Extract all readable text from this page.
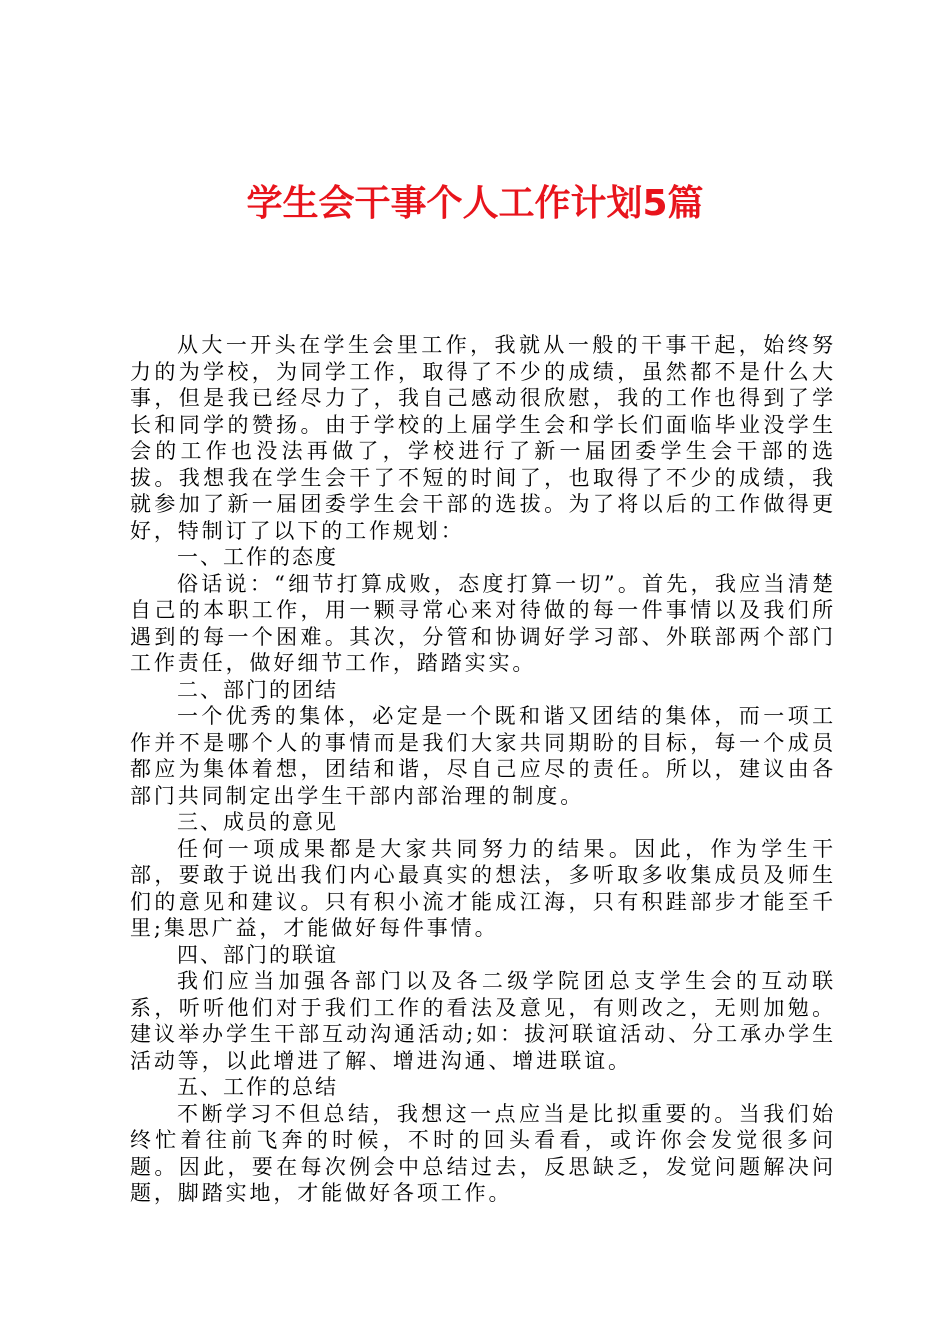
学生会干事个人工作计划5篇

从大一开头在学生会里工作，我就从一般的干事干起，始终努力的为学校，为同学工作，取得了不少的成绩，虽然都不是什么大事，但是我已经尽力了，我自己感动很欣慰，我的工作也得到了学长和同学的赞扬。由于学校的上届学生会和学长们面临毕业没学生会的工作也没法再做了，学校进行了新一届团委学生会干部的选拔。我想我在学生会干了不短的时间了，也取得了不少的成绩，我就参加了新一届团委学生会干部的选拔。为了将以后的工作做得更好，特制订了以下的工作规划：

一、工作的态度

俗话说：“细节打算成败，态度打算一切”。首先，我应当清楚自己的本职工作，用一颗寻常心来对待做的每一件事情以及我们所遇到的每一个困难。其次，分管和协调好学习部、外联部两个部门工作责任，做好细节工作，踏踏实实。

二、部门的团结

一个优秀的集体，必定是一个既和谐又团结的集体，而一项工作并不是哪个人的事情而是我们大家共同期盼的目标，每一个成员都应为集体着想，团结和谐，尽自己应尽的责任。所以，建议由各部门共同制定出学生干部内部治理的制度。

三、成员的意见

任何一项成果都是大家共同努力的结果。因此，作为学生干部，要敢于说出我们内心最真实的想法，多听取多收集成员及师生们的意见和建议。只有积小流才能成江海，只有积跬部步才能至千里;集思广益，才能做好每件事情。

四、部门的联谊

我们应当加强各部门以及各二级学院团总支学生会的互动联系，听听他们对于我们工作的看法及意见，有则改之，无则加勉。建议举办学生干部互动沟通活动;如：拔河联谊活动、分工承办学生活动等，以此增进了解、增进沟通、增进联谊。

五、工作的总结

不断学习不但总结，我想这一点应当是比拟重要的。当我们始终忙着往前飞奔的时候，不时的回头看看，或许你会发觉很多问题。因此，要在每次例会中总结过去，反思缺乏，发觉问题解决问题，脚踏实地，才能做好各项工作。
